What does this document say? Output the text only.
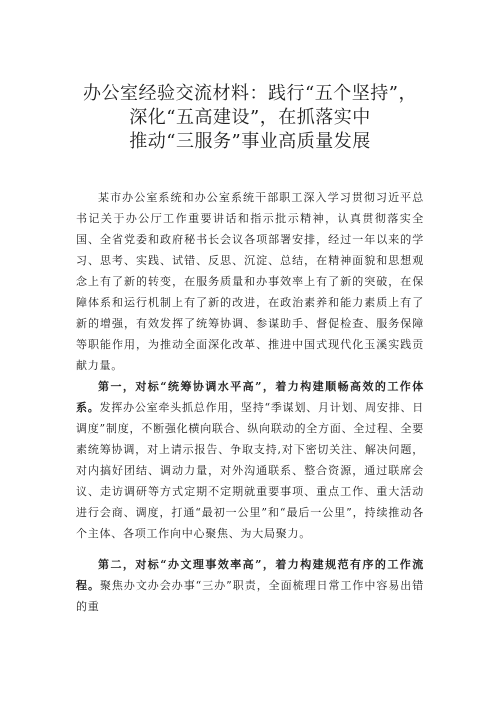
办公室经验交流材料：践行“五个坚持”，
深化“五高建设”，在抓落实中
推动“三服务”事业高质量发展

某市办公室系统和办公室系统干部职工深入学习贯彻习近平总书记关于办公厅工作重要讲话和指示批示精神，认真贯彻落实全国、全省党委和政府秘书长会议各项部署安排，经过一年以来的学习、思考、实践、试错、反思、沉淀、总结，在精神面貌和思想观念上有了新的转变，在服务质量和办事效率上有了新的突破，在保障体系和运行机制上有了新的改进，在政治素养和能力素质上有了新的增强，有效发挥了统筹协调、参谋助手、督促检查、服务保障等职能作用，为推动全面深化改革、推进中国式现代化玉溪实践贡献力量。

第一，对标“统筹协调水平高”，着力构建顺畅高效的工作体系。发挥办公室牵头抓总作用，坚持“季谋划、月计划、周安排、日调度”制度，不断强化横向联合、纵向联动的全方面、全过程、全要素统筹协调，对上请示报告、争取支持,对下密切关注、解决问题，对内搞好团结、调动力量，对外沟通联系、整合资源，通过联席会议、走访调研等方式定期不定期就重要事项、重点工作、重大活动进行会商、调度，打通“最初一公里”和“最后一公里”，持续推动各个主体、各项工作向中心聚焦、为大局聚力。

第二，对标“办文理事效率高”，着力构建规范有序的工作流程。聚焦办文办会办事“三办”职责，全面梳理日常工作中容易出错的重
